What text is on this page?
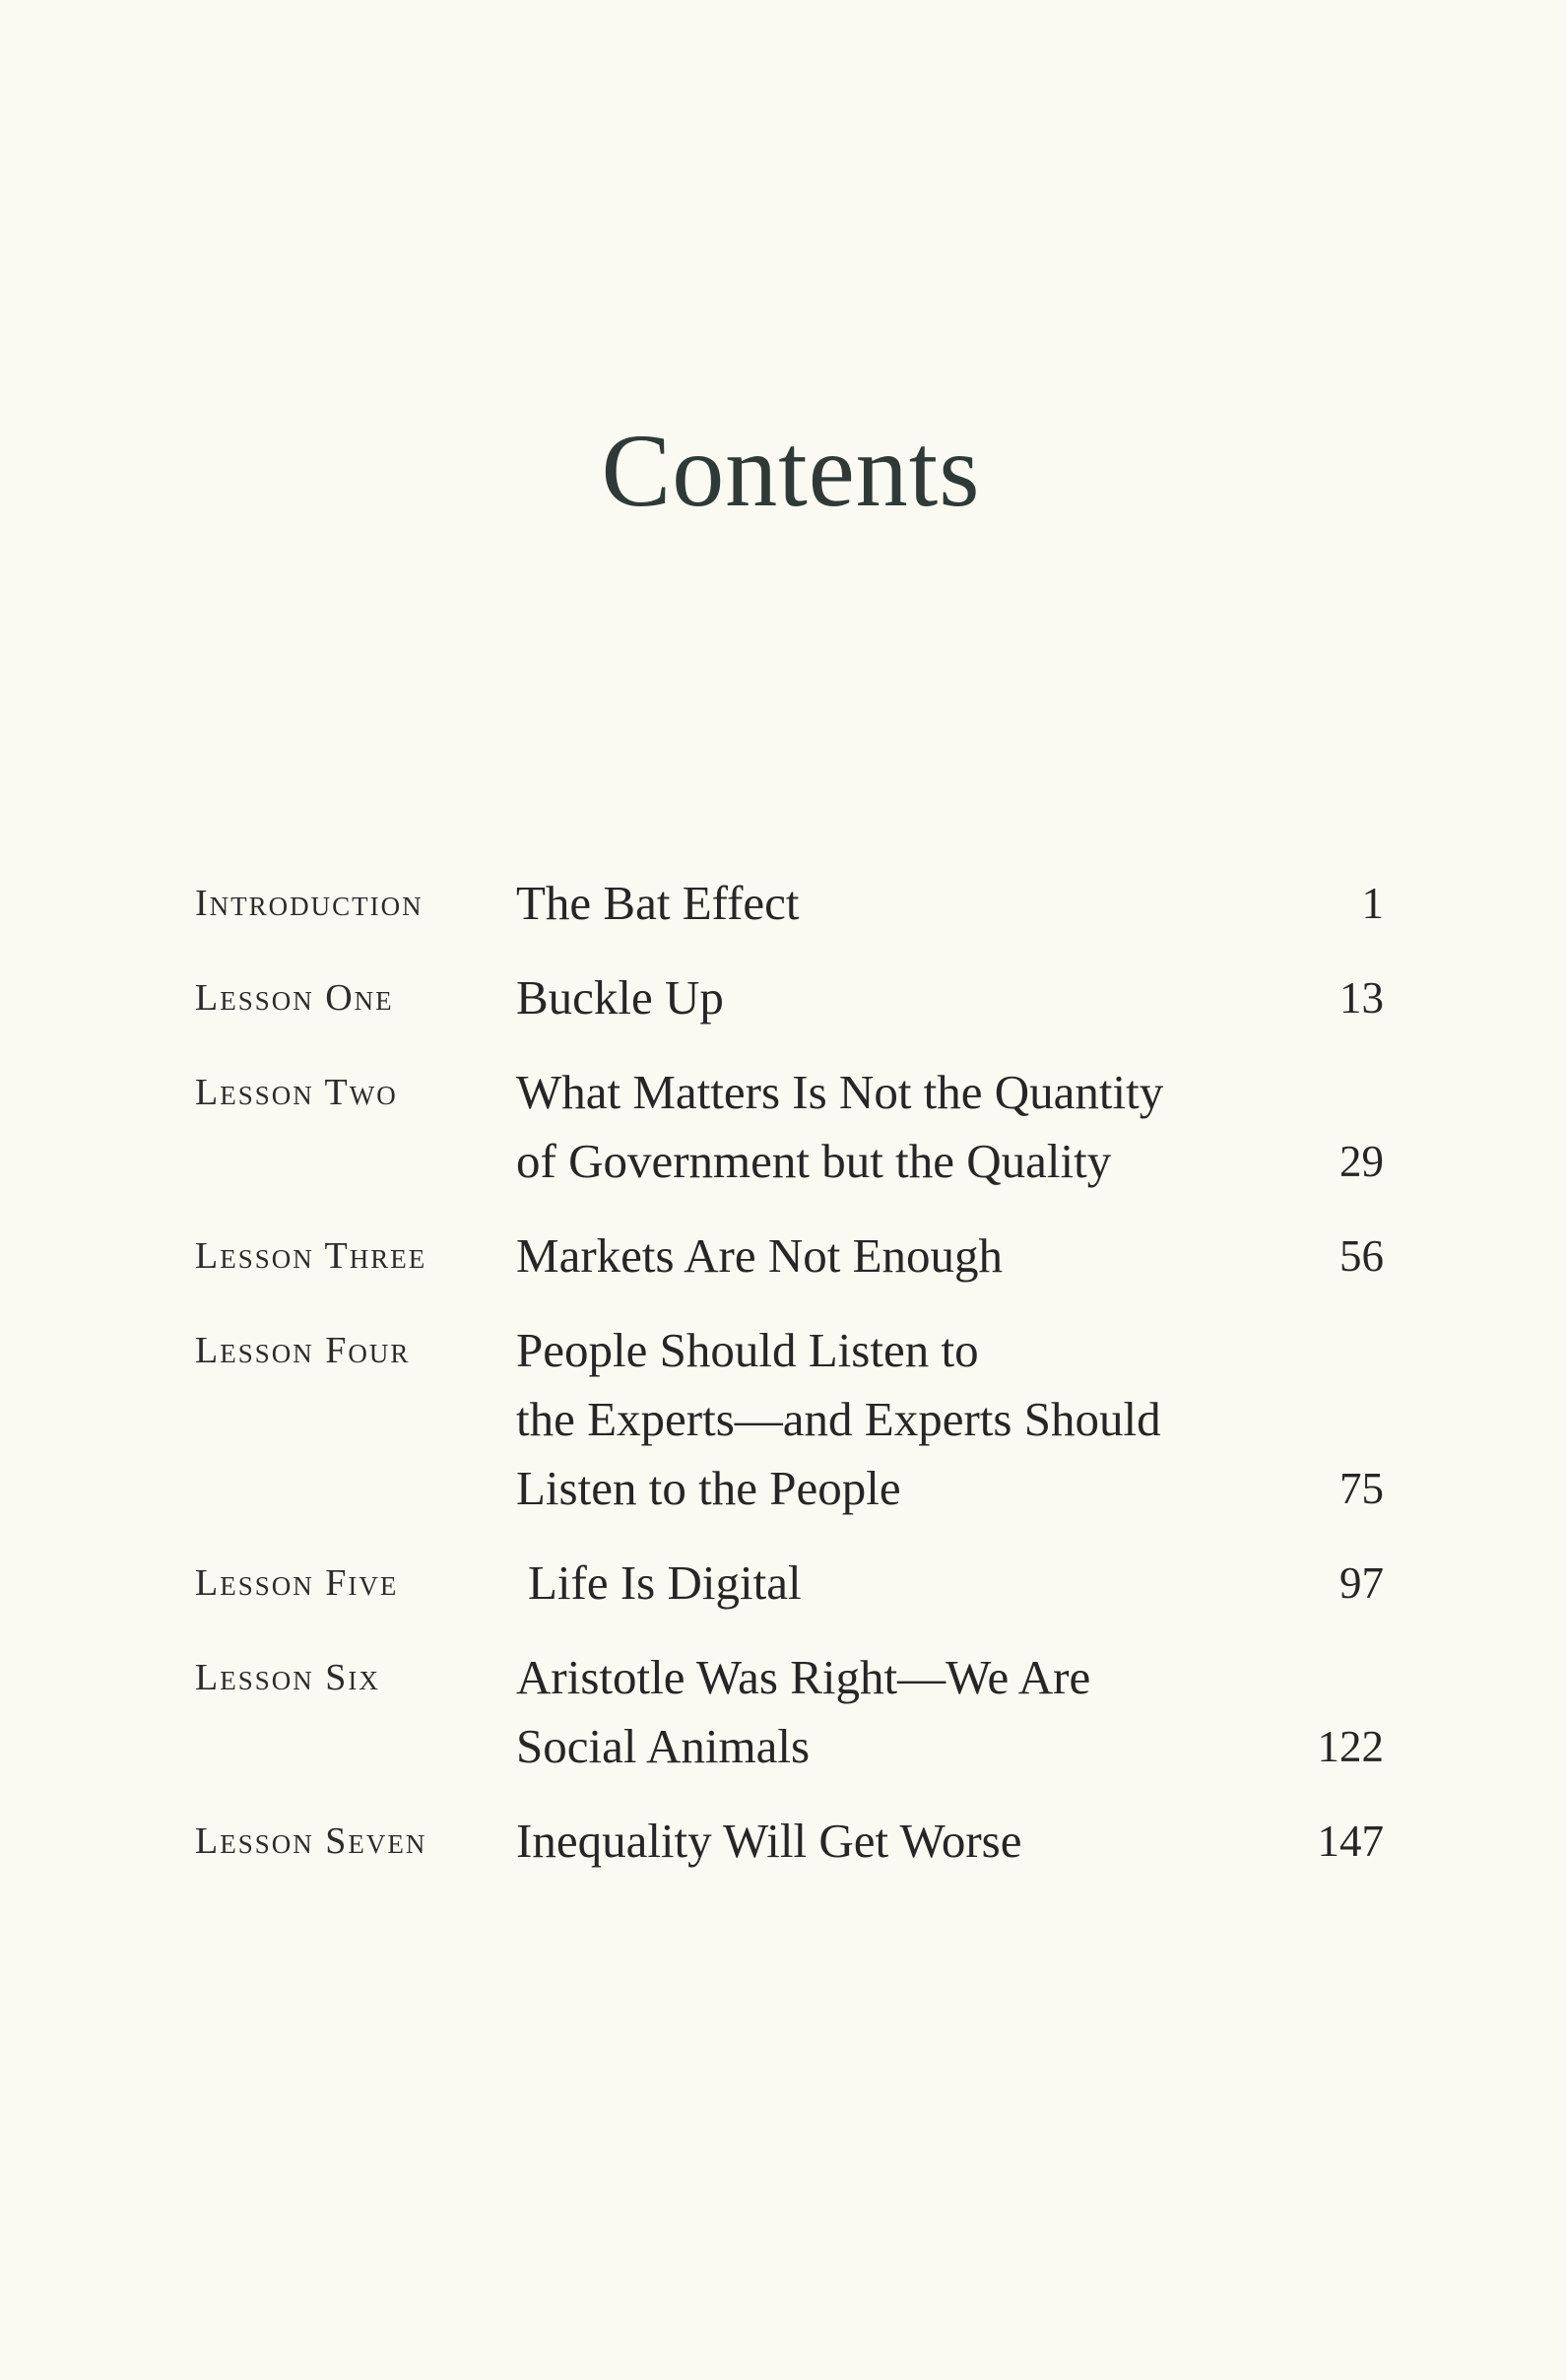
Contents
Introduction	The Bat Effect	1
Lesson One	Buckle Up	13
Lesson Two	What Matters Is Not the Quantity
of Government but the Quality	29
Lesson Three	Markets Are Not Enough	56
Lesson Four	People Should Listen to
the Experts—and Experts Should
Listen to the People	75
Lesson Five	Life Is Digital	97
Lesson Six	Aristotle Was Right—We Are
Social Animals	122
Lesson Seven	Inequality Will Get Worse	147
